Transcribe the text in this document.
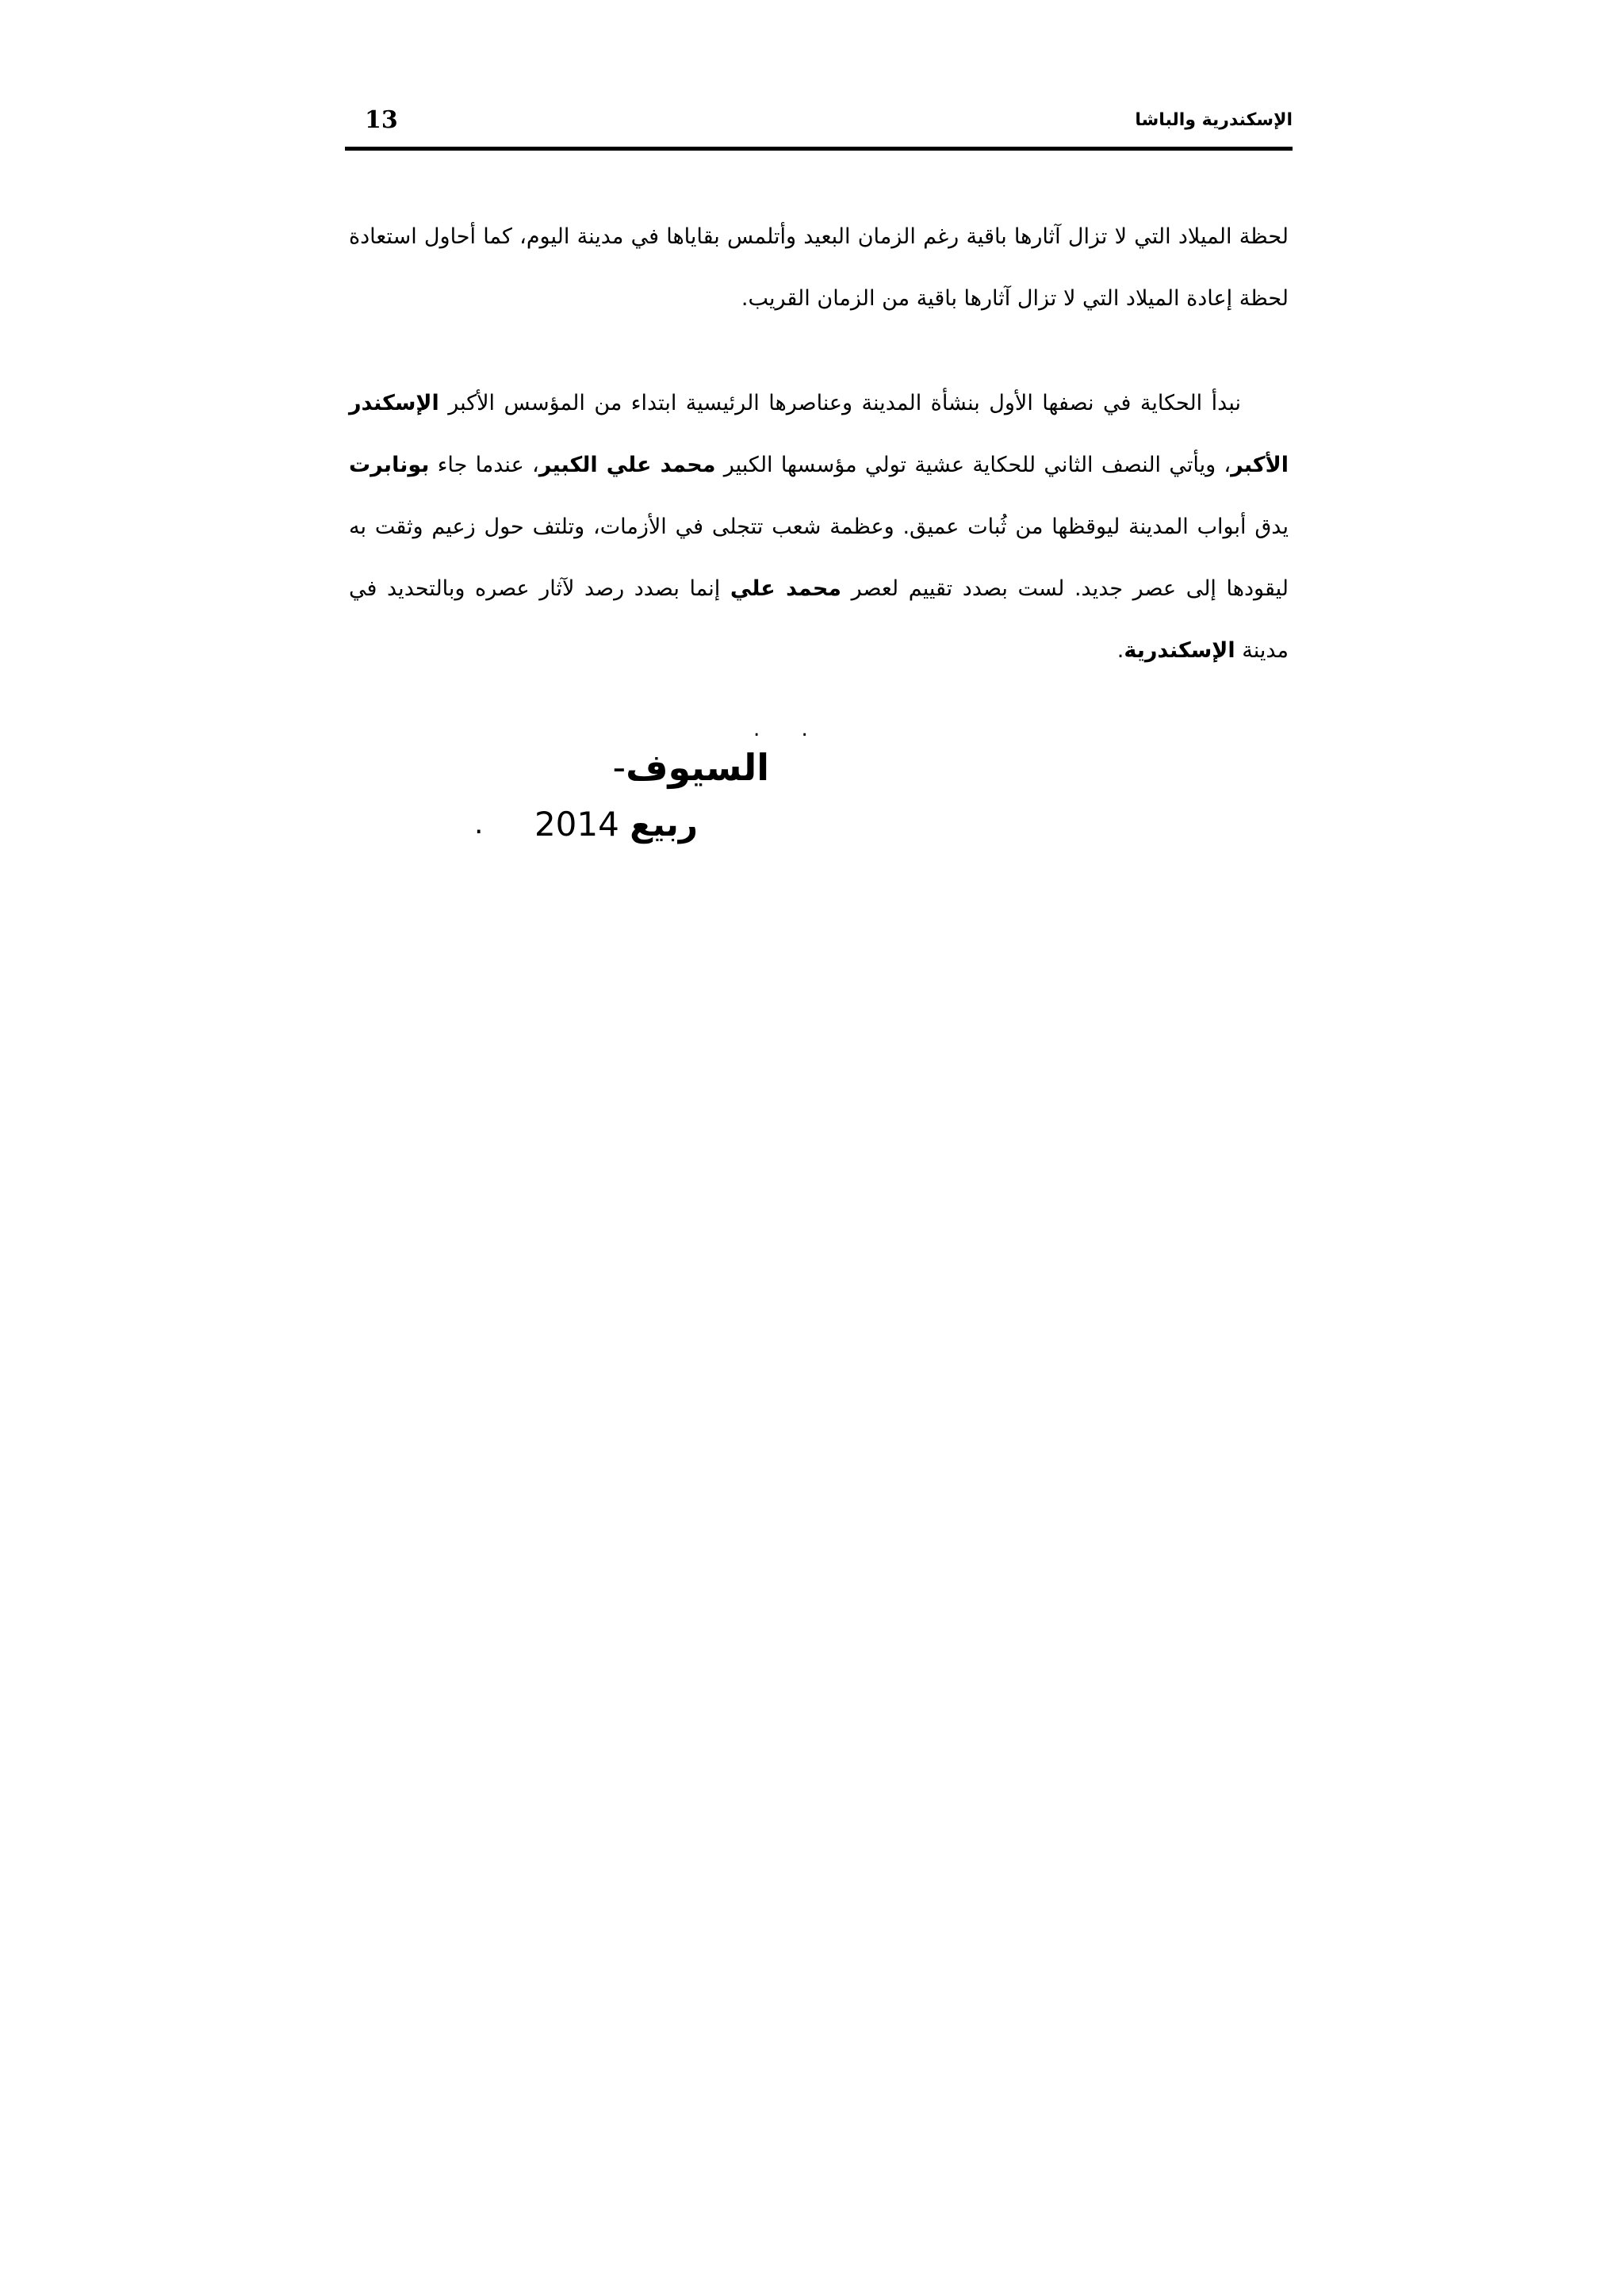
13	الإسكندرية والباشا

لحظة الميلاد التي لا تزال آثارها باقية رغم الزمان البعيد وأتلمس بقاياها في مدينة اليوم، كما أحاول استعادة لحظة إعادة الميلاد التي لا تزال آثارها باقية من الزمان القريب.

نبدأ الحكاية في نصفها الأول بنشأة المدينة وعناصرها الرئيسية ابتداء من المؤسس الأكبر الإسكندر الأكبر، ويأتي النصف الثاني للحكاية عشية تولي مؤسسها الكبير محمد علي الكبير، عندما جاء بونابرت يدق أبواب المدينة ليوقظها من ثُبات عميق. وعظمة شعب تتجلى في الأزمات، وتلتف حول زعيم وثقت به ليقودها إلى عصر جديد. لست بصدد تقييم لعصر محمد علي إنما بصدد رصد لآثار عصره وبالتحديد في مدينة الإسكندرية.

. .
السيوف-
ربيع 2014
.
